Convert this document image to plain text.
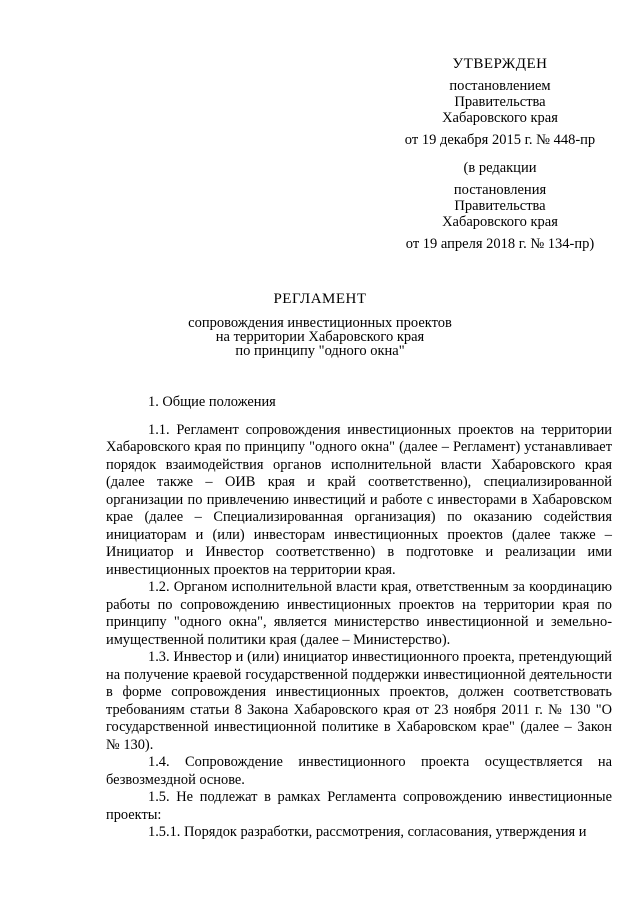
УТВЕРЖДЕН
постановлением
Правительства
Хабаровского края
от 19 декабря 2015 г. № 448-пр
(в редакции
постановления
Правительства
Хабаровского края
от 19 апреля 2018 г. № 134-пр)
РЕГЛАМЕНТ
сопровождения инвестиционных проектов
на территории Хабаровского края
по принципу "одного окна"
1. Общие положения

1.1. Регламент сопровождения инвестиционных проектов на территории Хабаровского края по принципу "одного окна" (далее – Регламент) устанавливает порядок взаимодействия органов исполнительной власти Хабаровского края (далее также – ОИВ края и край соответственно), специализированной организации по привлечению инвестиций и работе с инвесторами в Хабаровском крае (далее – Специализированная организация) по оказанию содействия инициаторам и (или) инвесторам инвестиционных проектов (далее также – Инициатор и Инвестор соответственно) в подготовке и реализации ими инвестиционных проектов на территории края.

1.2. Органом исполнительной власти края, ответственным за координацию работы по сопровождению инвестиционных проектов на территории края по принципу "одного окна", является министерство инвестиционной и земельно-имущественной политики края (далее – Министерство).

1.3. Инвестор и (или) инициатор инвестиционного проекта, претендующий на получение краевой государственной поддержки инвестиционной деятельности в форме сопровождения инвестиционных проектов, должен соответствовать требованиям статьи 8 Закона Хабаровского края от 23 ноября 2011 г. № 130 "О государственной инвестиционной политике в Хабаровском крае" (далее – Закон № 130).

1.4. Сопровождение инвестиционного проекта осуществляется на безвозмездной основе.

1.5. Не подлежат в рамках Регламента сопровождению инвестиционные проекты:

1.5.1. Порядок разработки, рассмотрения, согласования, утверждения и
